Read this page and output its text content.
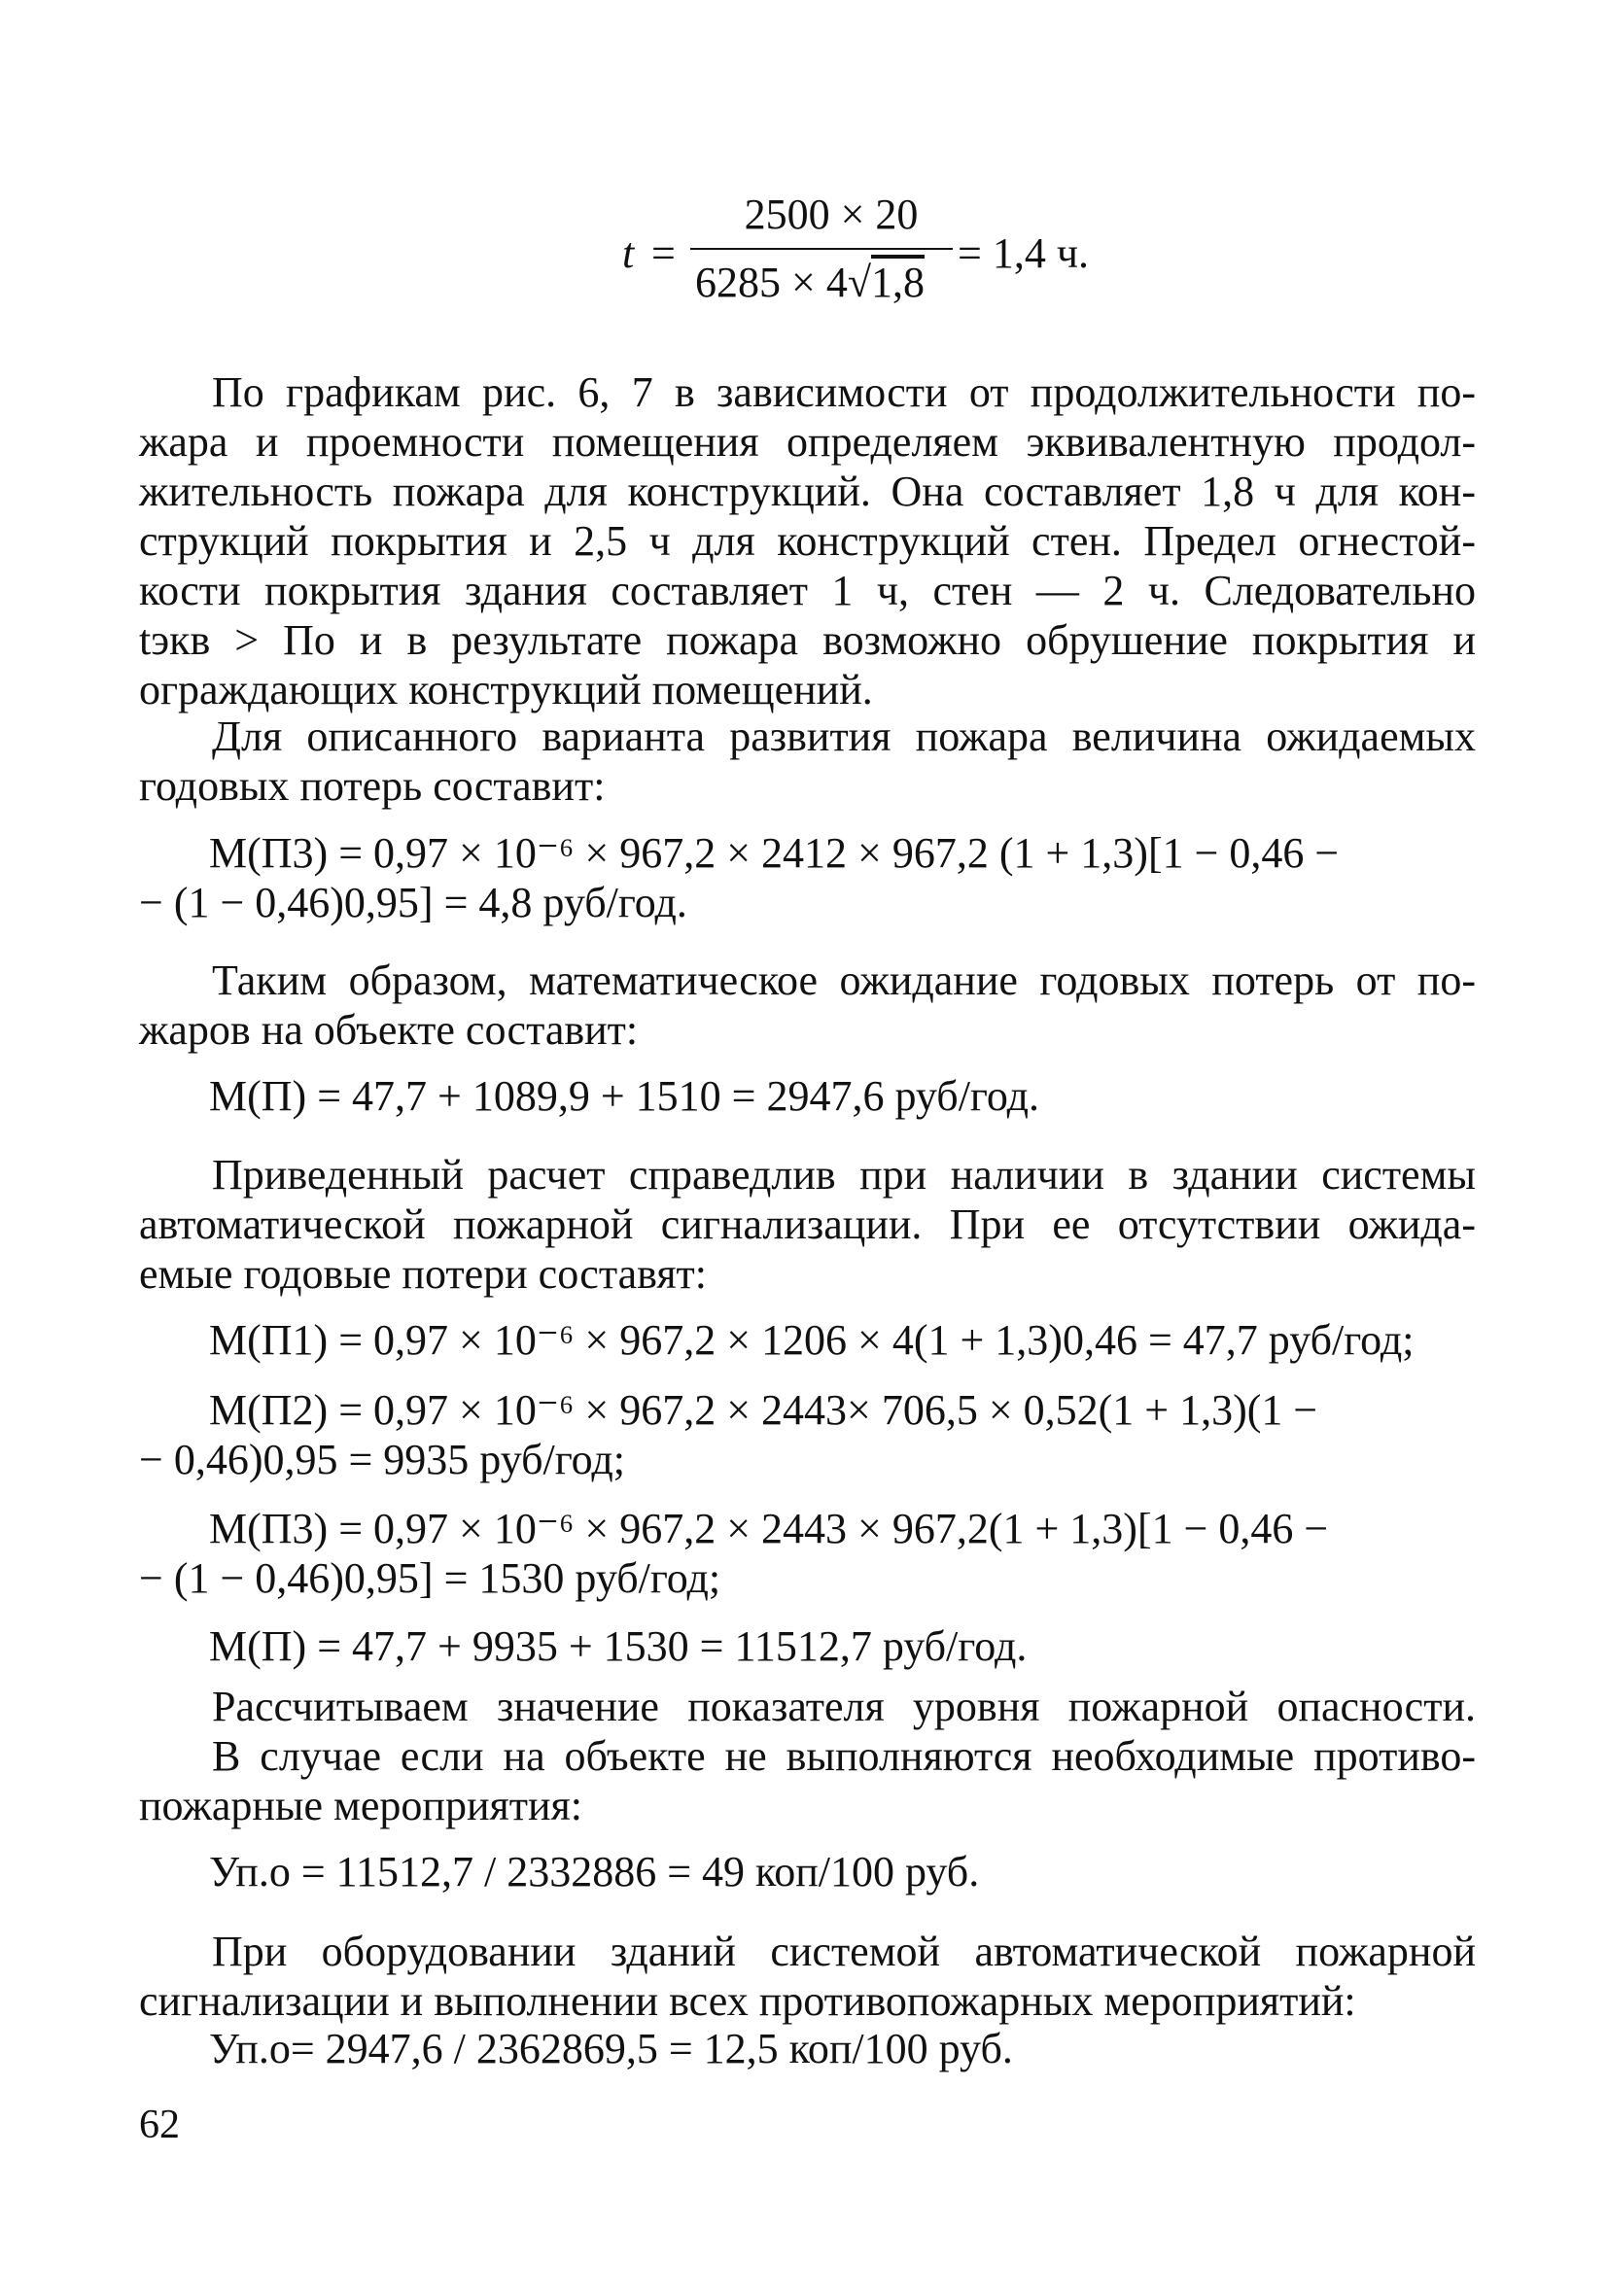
t =
2500 × 20
6285 × 4√1,8
= 1,4 ч.

По графикам рис. 6, 7 в зависимости от продолжительности по-
жара и проемности помещения определяем эквивалентную продол-
жительность пожара для конструкций. Она составляет 1,8 ч для кон-
струкций покрытия и 2,5 ч для конструкций стен. Предел огнестой-
кости покрытия здания составляет 1 ч, стен — 2 ч. Следовательно
tэкв > По и в результате пожара возможно обрушение покрытия и
ограждающих конструкций помещений.

Для описанного варианта развития пожара величина ожидаемых
годовых потерь составит:

М(П3) = 0,97 × 10⁻⁶ × 967,2 × 2412 × 967,2 (1 + 1,3)[1 − 0,46 −

− (1 − 0,46)0,95] = 4,8 руб/год.

Таким образом, математическое ожидание годовых потерь от по-
жаров на объекте составит:

М(П) = 47,7 + 1089,9 + 1510 = 2947,6 руб/год.

Приведенный расчет справедлив при наличии в здании системы
автоматической пожарной сигнализации. При ее отсутствии ожида-
емые годовые потери составят:

М(П1) = 0,97 × 10⁻⁶ × 967,2 × 1206 × 4(1 + 1,3)0,46 = 47,7 руб/год;

М(П2) = 0,97 × 10⁻⁶ × 967,2 × 2443× 706,5 × 0,52(1 + 1,3)(1 −

− 0,46)0,95 = 9935 руб/год;

М(П3) = 0,97 × 10⁻⁶ × 967,2 × 2443 × 967,2(1 + 1,3)[1 − 0,46 −

− (1 − 0,46)0,95] = 1530 руб/год;

М(П) = 47,7 + 9935 + 1530 = 11512,7 руб/год.

Рассчитываем значение показателя уровня пожарной опасности.
В случае если на объекте не выполняются необходимые противо-
пожарные мероприятия:

Уп.о = 11512,7 / 2332886 = 49 коп/100 руб.

При оборудовании зданий системой автоматической пожарной
сигнализации и выполнении всех противопожарных мероприятий:

Уп.о= 2947,6 / 2362869,5 = 12,5 коп/100 руб.

62
